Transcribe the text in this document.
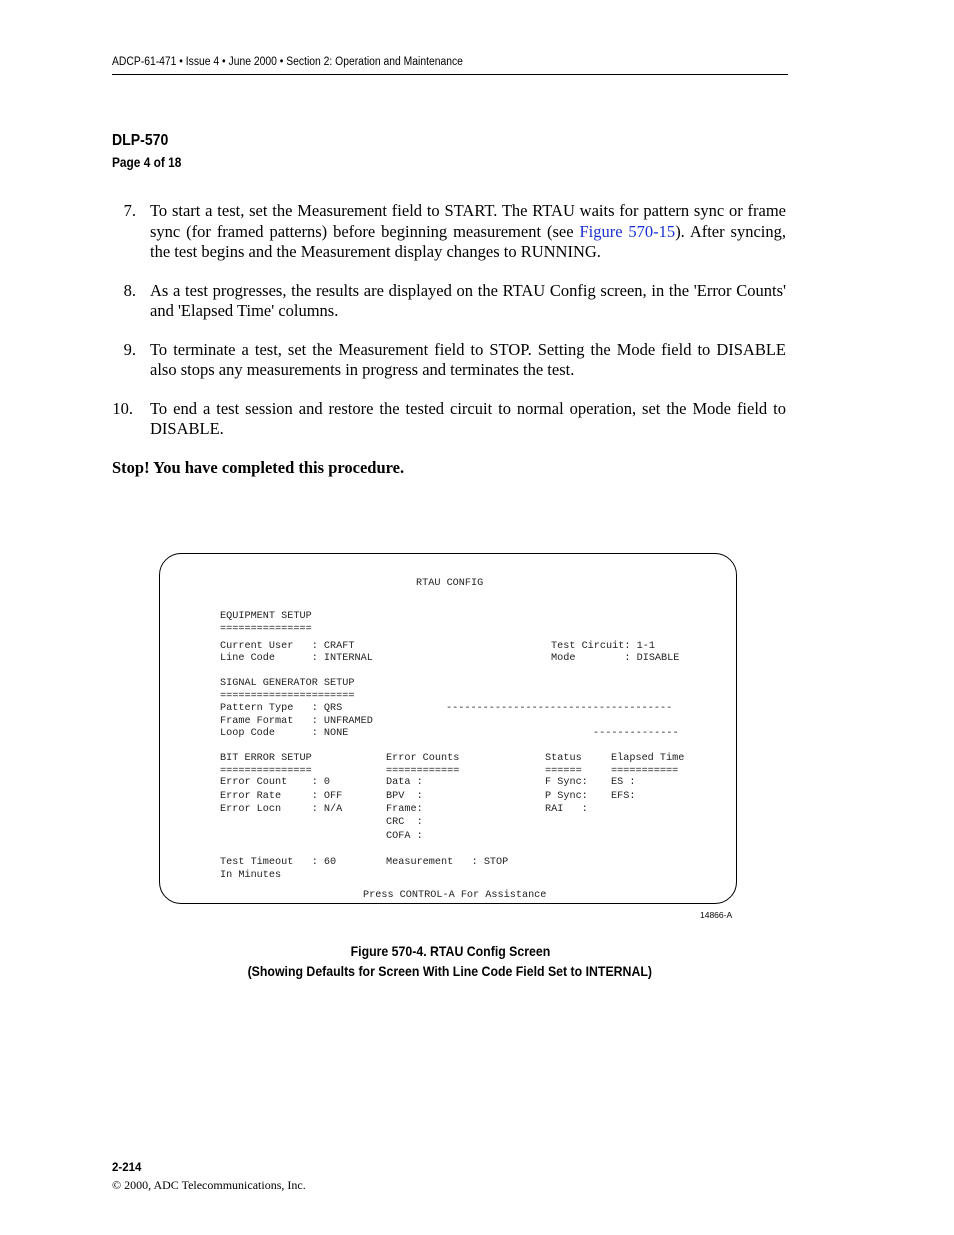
ADCP-61-471 • Issue 4 • June 2000 • Section 2: Operation and Maintenance
DLP-570
Page 4 of 18
7. To start a test, set the Measurement field to START. The RTAU waits for pattern sync or frame sync (for framed patterns) before beginning measurement (see Figure 570-15). After syncing, the test begins and the Measurement display changes to RUNNING.
8. As a test progresses, the results are displayed on the RTAU Config screen, in the 'Error Counts' and 'Elapsed Time' columns.
9. To terminate a test, set the Measurement field to STOP. Setting the Mode field to DISABLE also stops any measurements in progress and terminates the test.
10. To end a test session and restore the tested circuit to normal operation, set the Mode field to DISABLE.
Stop! You have completed this procedure.
RTAU CONFIG
EQUIPMENT SETUP
===============
Current User   : CRAFT
Line Code      : INTERNAL
Test Circuit: 1-1
Mode        : DISABLE
SIGNAL GENERATOR SETUP
======================
Pattern Type   : QRS
Frame Format   : UNFRAMED
Loop Code      : NONE
-------------------------------------
--------------
BIT ERROR SETUP
===============
Error Counts
============
Status
======
Elapsed Time
===========
Error Count    : 0
Error Rate     : OFF
Error Locn     : N/A
Data :
BPV  :
Frame:
CRC  :
COFA :
F Sync:
P Sync:
RAI   :
ES :
EFS:
Test Timeout   : 60
In Minutes
Measurement   : STOP
Press CONTROL-A For Assistance
14866-A
Figure 570-4. RTAU Config Screen
(Showing Defaults for Screen With Line Code Field Set to INTERNAL)
2-214
© 2000, ADC Telecommunications, Inc.
